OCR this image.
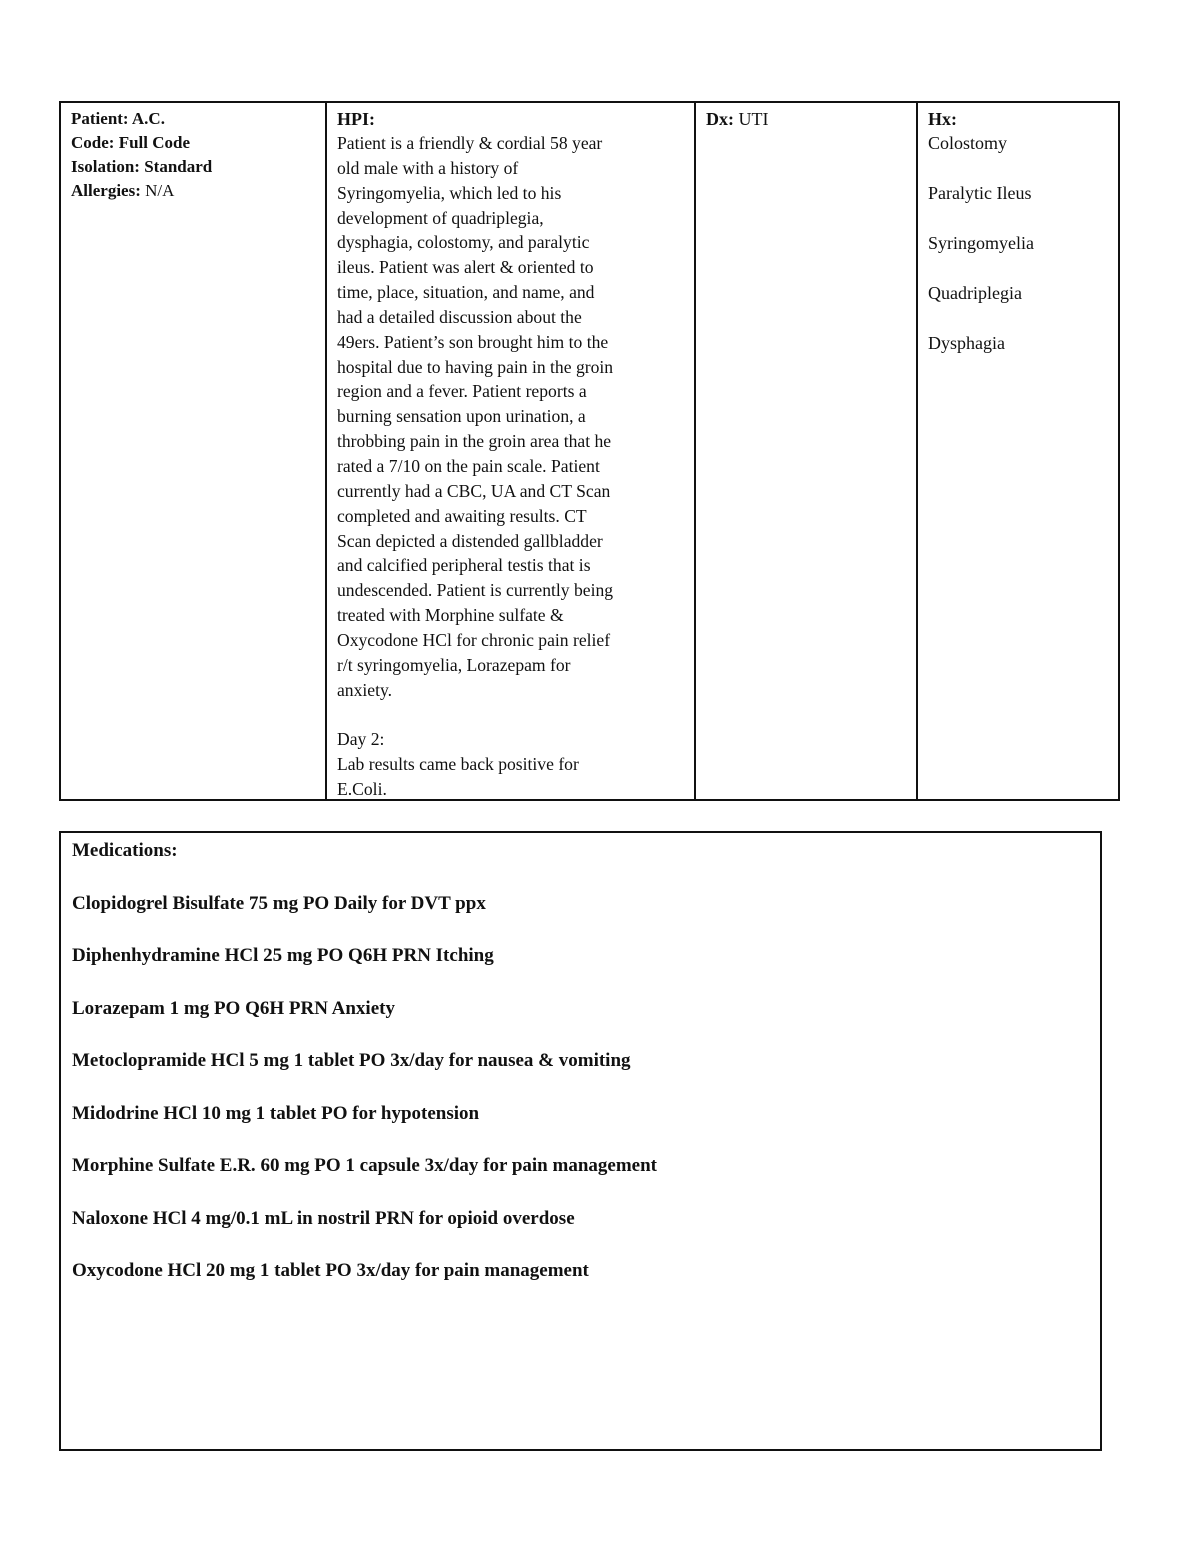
Patient: A.C.
Code: Full Code
Isolation: Standard
Allergies: N/A
HPI:

Patient is a friendly & cordial 58 year
old male with a history of
Syringomyelia, which led to his
development of quadriplegia,
dysphagia, colostomy, and paralytic
ileus. Patient was alert & oriented to
time, place, situation, and name, and
had a detailed discussion about the
49ers. Patient’s son brought him to the
hospital due to having pain in the groin
region and a fever. Patient reports a
burning sensation upon urination, a
throbbing pain in the groin area that he
rated a 7/10 on the pain scale. Patient
currently had a CBC, UA and CT Scan
completed and awaiting results. CT
Scan depicted a distended gallbladder
and calcified peripheral testis that is
undescended. Patient is currently being
treated with Morphine sulfate &
Oxycodone HCl for chronic pain relief
r/t syringomyelia, Lorazepam for
anxiety.

Day 2:
Lab results came back positive for
E.Coli.
Dx: UTI	Hx:
Colostomy
Paralytic Ileus
Syringomyelia
Quadriplegia
Dysphagia
Medications:
Clopidogrel Bisulfate 75 mg PO Daily for DVT ppx
Diphenhydramine HCl 25 mg PO Q6H PRN Itching
Lorazepam 1 mg PO Q6H PRN Anxiety
Metoclopramide HCl 5 mg 1 tablet PO 3x/day for nausea & vomiting
Midodrine HCl 10 mg 1 tablet PO for hypotension
Morphine Sulfate E.R. 60 mg PO 1 capsule 3x/day for pain management
Naloxone HCl 4 mg/0.1 mL in nostril PRN for opioid overdose
Oxycodone HCl 20 mg 1 tablet PO 3x/day for pain management
